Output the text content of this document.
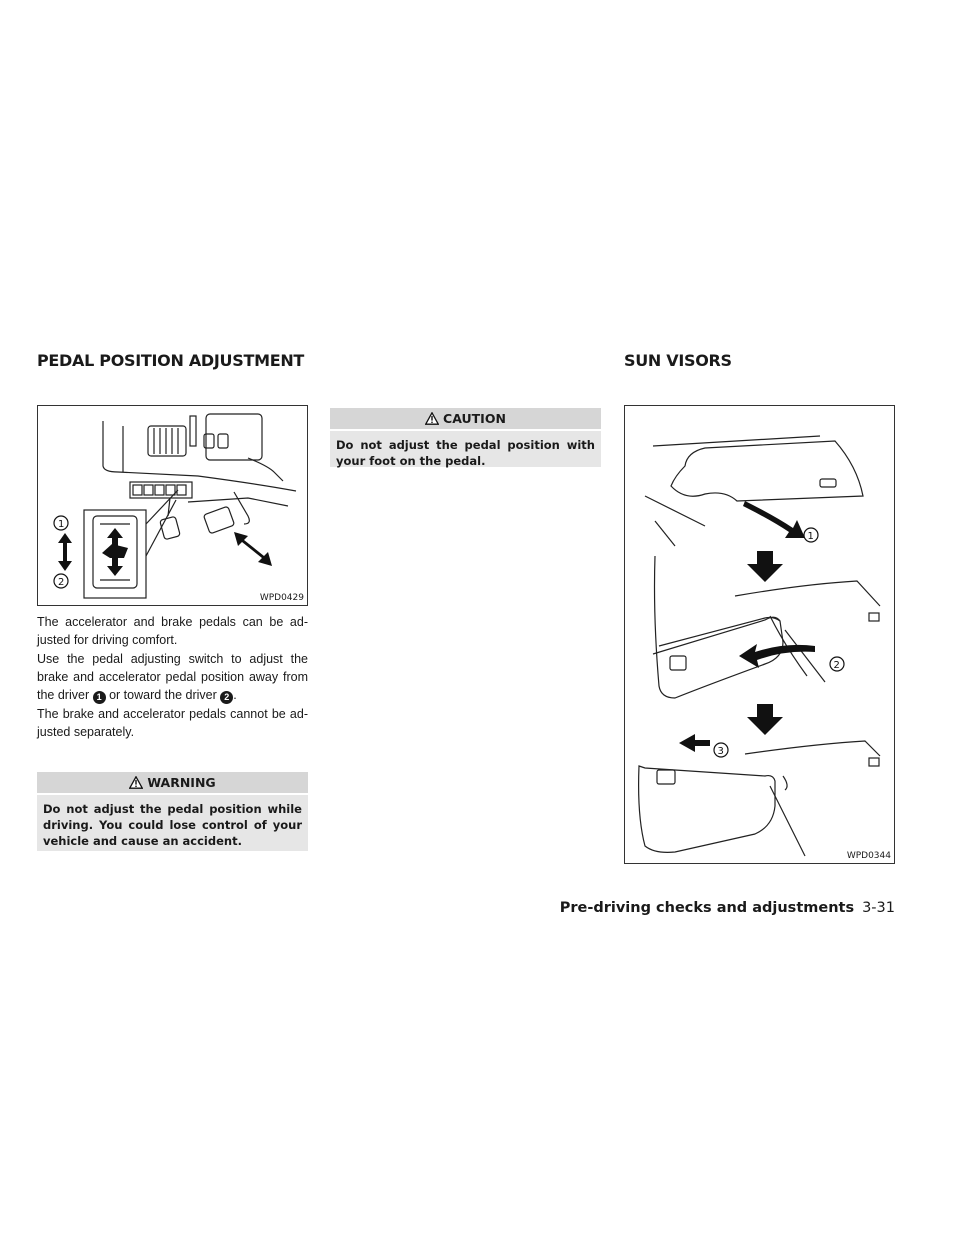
PEDAL POSITION ADJUSTMENT	SUN VISORS
1
2
WPD0429

The accelerator and brake pedals can be ad-justed for driving comfort.

Use the pedal adjusting switch to adjust the brake and accelerator pedal position away from the driver 1 or toward the driver 2 .

The brake and accelerator pedals cannot be ad-justed separately.

WARNING

Do not adjust the pedal position while driving. You could lose control of your vehicle and cause an accident.

CAUTION

Do not adjust the pedal position with your foot on the pedal.

1
2
3
WPD0344
Pre-driving checks and adjustments 3-31
